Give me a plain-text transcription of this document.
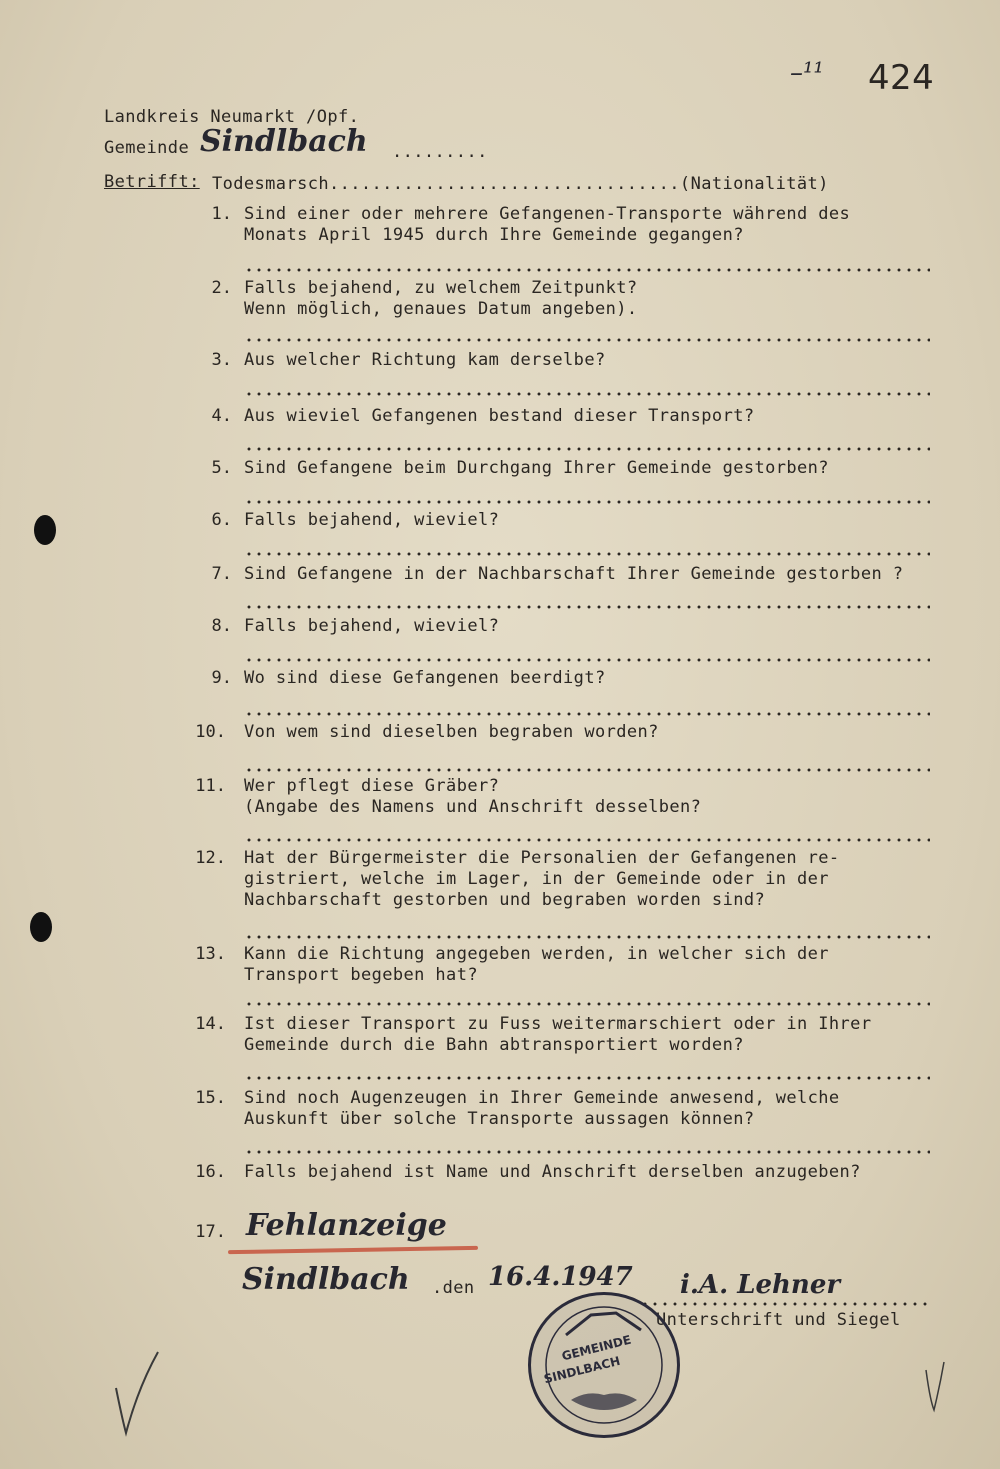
–¹¹ 424
Landkreis Neumarkt /Opf.
Gemeinde Sindlbach .........
Betrifft: Todesmarsch.................................(Nationalität)
1. Sind einer oder mehrere Gefangenen-Transporte während des
Monats April 1945 durch Ihre Gemeinde gegangen?
2. Falls bejahend, zu welchem Zeitpunkt?
Wenn möglich, genaues Datum angeben).
3. Aus welcher Richtung kam derselbe?
4. Aus wieviel Gefangenen bestand dieser Transport?
5. Sind Gefangene beim Durchgang Ihrer Gemeinde gestorben?
6. Falls bejahend, wieviel?
7. Sind Gefangene in der Nachbarschaft Ihrer Gemeinde gestorben ?
8. Falls bejahend, wieviel?
9. Wo sind diese Gefangenen beerdigt?
10. Von wem sind dieselben begraben worden?
11. Wer pflegt diese Gräber?
(Angabe des Namens und Anschrift desselben?
12. Hat der Bürgermeister die Personalien der Gefangenen re-
gistriert, welche im Lager, in der Gemeinde oder in der
Nachbarschaft gestorben und begraben worden sind?
13. Kann die Richtung angegeben werden, in welcher sich der
Transport begeben hat?
14. Ist dieser Transport zu Fuss weitermarschiert oder in Ihrer
Gemeinde durch die Bahn abtransportiert worden?
15. Sind noch Augenzeugen in Ihrer Gemeinde anwesend, welche
Auskunft über solche Transporte aussagen können?
16. Falls bejahend ist Name und Anschrift derselben anzugeben?
17. Fehlanzeige
Sindlbach .den 16.4.1947 i.A. Lehner
Unterschrift und Siegel
GEMEINDE
SINDLBACH
